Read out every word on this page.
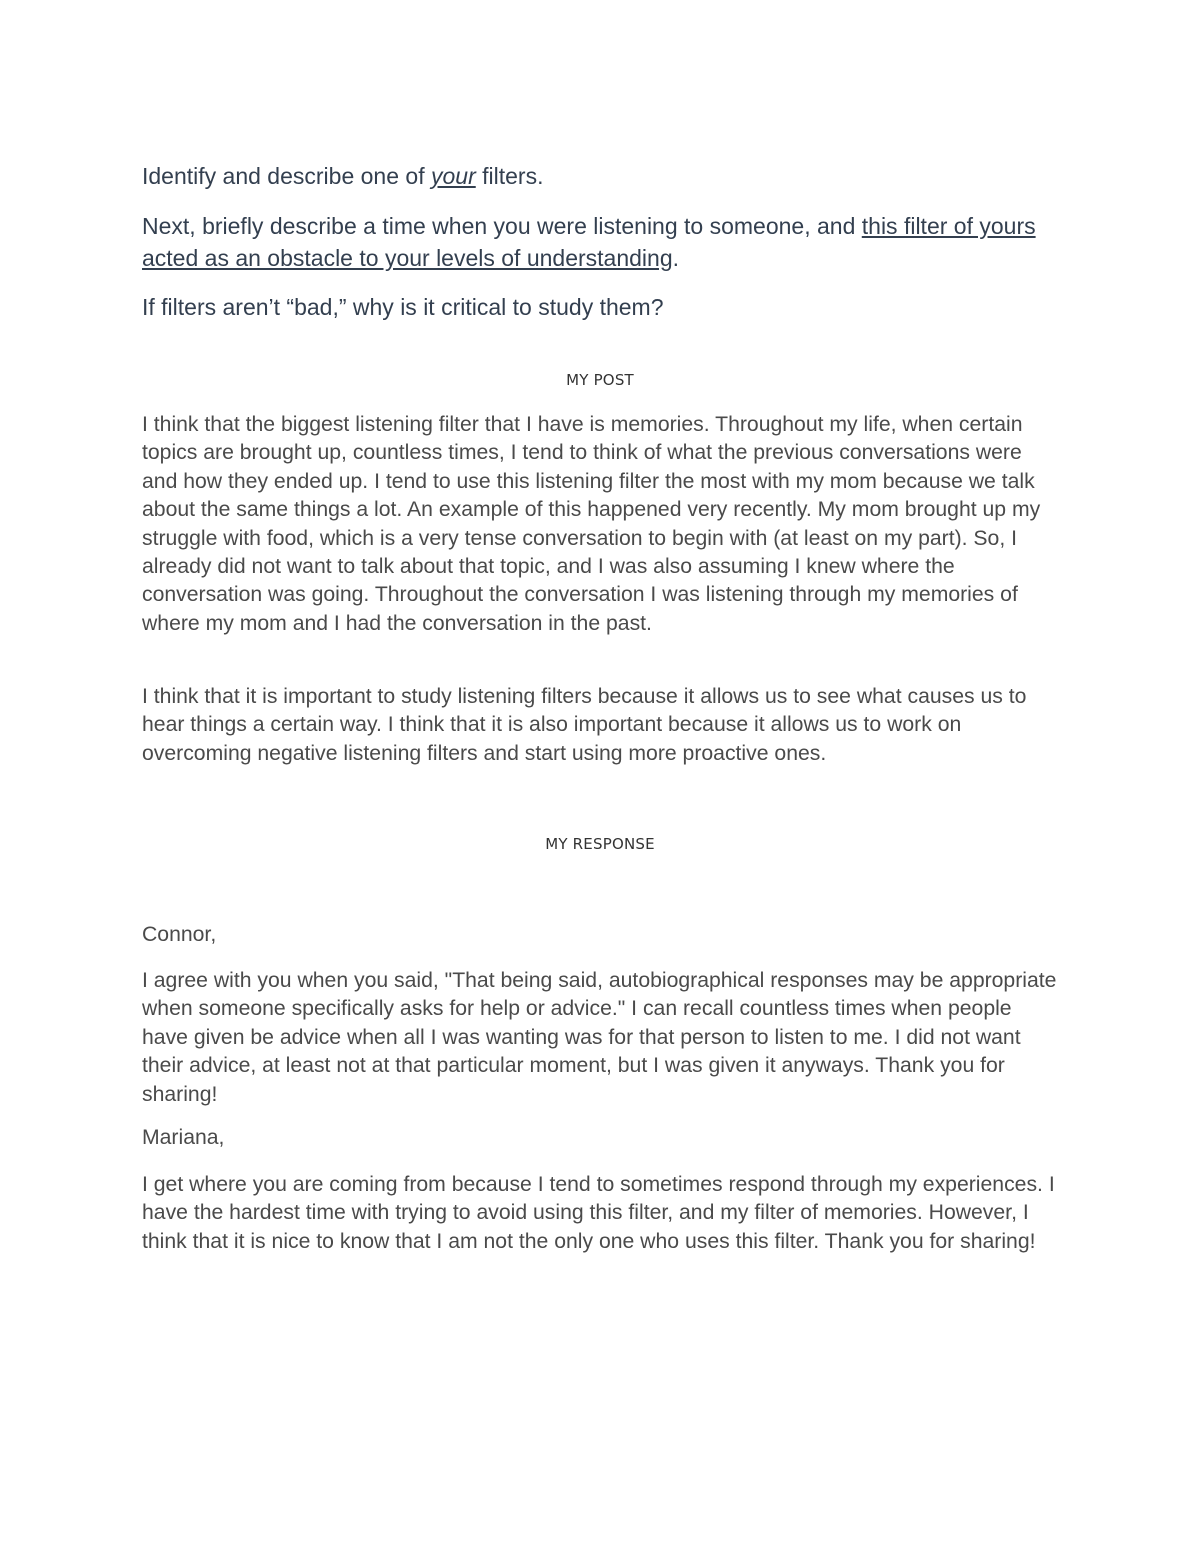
Identify and describe one of your filters.

Next, briefly describe a time when you were listening to someone, and this filter of yours acted as an obstacle to your levels of understanding.

If filters aren’t “bad,” why is it critical to study them?

MY POST

I think that the biggest listening filter that I have is memories. Throughout my life, when certain topics are brought up, countless times, I tend to think of what the previous conversations were and how they ended up. I tend to use this listening filter the most with my mom because we talk about the same things a lot. An example of this happened very recently. My mom brought up my struggle with food, which is a very tense conversation to begin with (at least on my part). So, I already did not want to talk about that topic, and I was also assuming I knew where the conversation was going. Throughout the conversation I was listening through my memories of where my mom and I had the conversation in the past.

I think that it is important to study listening filters because it allows us to see what causes us to hear things a certain way. I think that it is also important because it allows us to work on overcoming negative listening filters and start using more proactive ones.

MY RESPONSE

Connor,

I agree with you when you said, "That being said, autobiographical responses may be appropriate when someone specifically asks for help or advice." I can recall countless times when people have given be advice when all I was wanting was for that person to listen to me. I did not want their advice, at least not at that particular moment, but I was given it anyways. Thank you for sharing!

Mariana,

I get where you are coming from because I tend to sometimes respond through my experiences. I have the hardest time with trying to avoid using this filter, and my filter of memories. However, I think that it is nice to know that I am not the only one who uses this filter. Thank you for sharing!
